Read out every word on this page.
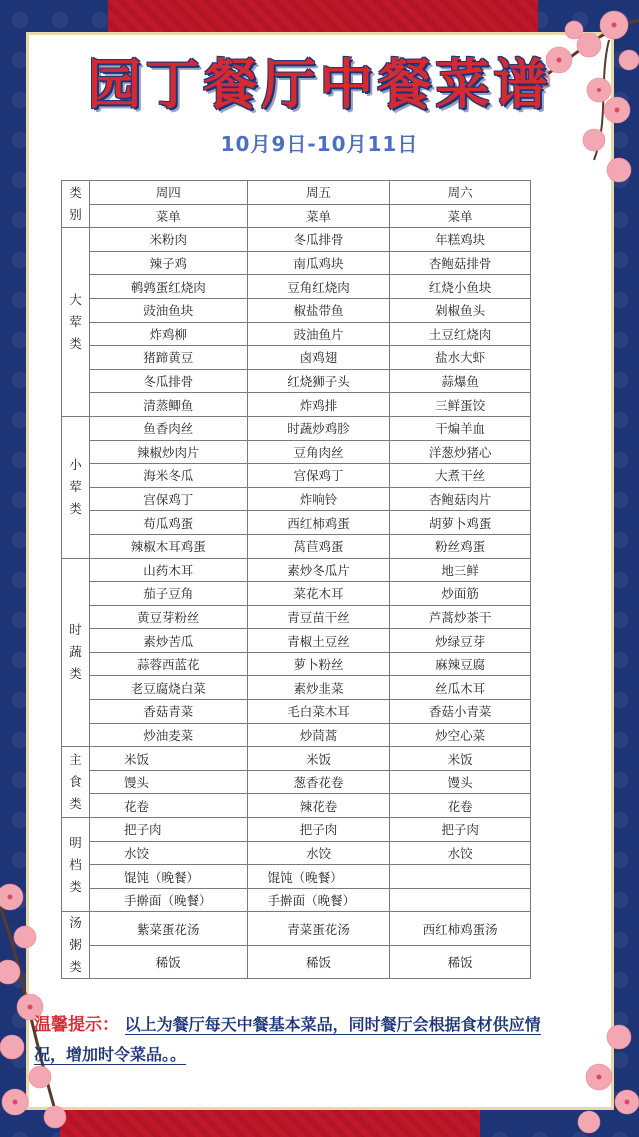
园丁餐厅中餐菜谱
10月9日-10月11日
类
别	周四	周五	周六
	菜单	菜单	菜单

大
荤
类	米粉肉	冬瓜排骨	年糕鸡块
	辣子鸡	南瓜鸡块	杏鲍菇排骨
	鹌鹑蛋红烧肉	豆角红烧肉	红烧小鱼块
	豉油鱼块	椒盐带鱼	剁椒鱼头
	炸鸡柳	豉油鱼片	土豆红烧肉
	猪蹄黄豆	卤鸡翅	盐水大虾
	冬瓜排骨	红烧狮子头	蒜爆鱼
	清蒸鲫鱼	炸鸡排	三鲜蛋饺

小
荤
类	鱼香肉丝	时蔬炒鸡胗	干煸羊血
	辣椒炒肉片	豆角肉丝	洋葱炒猪心
	海米冬瓜	宫保鸡丁	大煮干丝
	宫保鸡丁	炸响铃	杏鲍菇肉片
	苟瓜鸡蛋	西红柿鸡蛋	胡萝卜鸡蛋
	辣椒木耳鸡蛋	莴苣鸡蛋	粉丝鸡蛋

时
蔬
类	山药木耳	素炒冬瓜片	地三鲜
	茄子豆角	菜花木耳	炒面筋
	黄豆芽粉丝	青豆苗干丝	芦蒿炒茶干
	素炒苦瓜	青椒土豆丝	炒绿豆芽
	蒜蓉西蓝花	萝卜粉丝	麻辣豆腐
	老豆腐烧白菜	素炒韭菜	丝瓜木耳
	香菇青菜	毛白菜木耳	香菇小青菜
	炒油麦菜	炒茼蒿	炒空心菜

主
食
类	米饭	米饭	米饭
	馒头	葱香花卷	馒头
	花卷	辣花卷	花卷

明
档
类	把子肉	把子肉	把子肉
	水饺	水饺	水饺
	馄饨（晚餐）	馄饨（晚餐）	
	手擀面（晚餐）	手擀面（晚餐）	

汤
粥
类	紫菜蛋花汤	青菜蛋花汤	西红柿鸡蛋汤
	稀饭	稀饭	稀饭
温馨提示： 以上为餐厅每天中餐基本菜品，同时餐厅会根据食材供应情况，增加时令菜品。。
